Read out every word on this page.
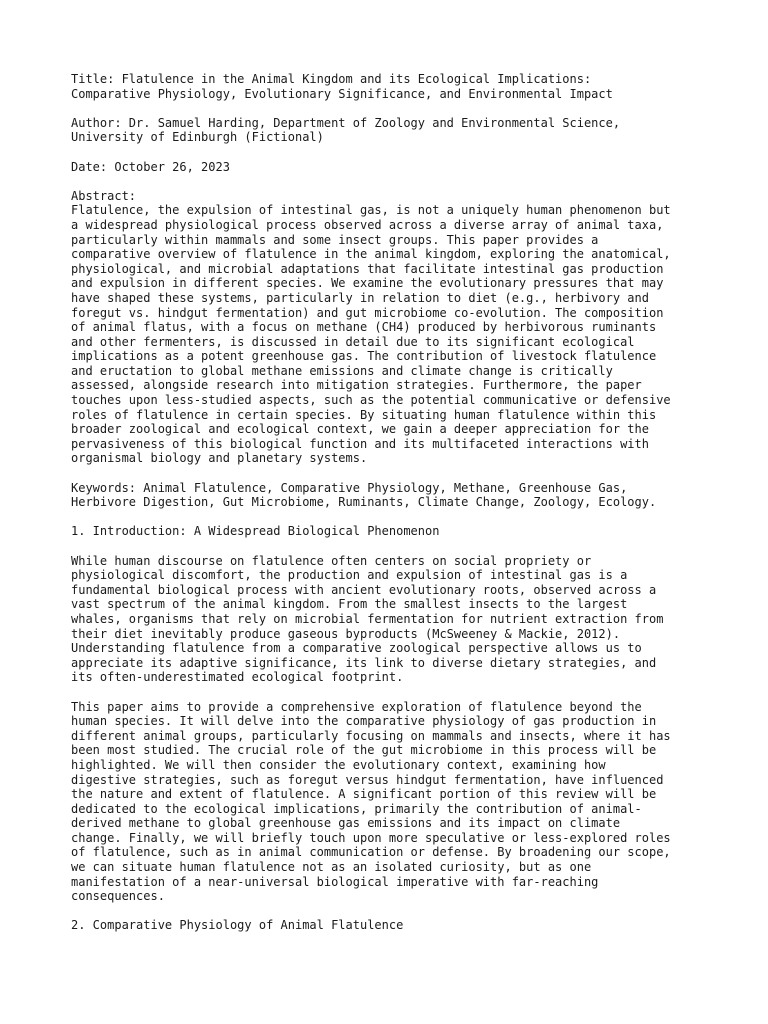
Title: Flatulence in the Animal Kingdom and its Ecological Implications:
Comparative Physiology, Evolutionary Significance, and Environmental Impact
Author: Dr. Samuel Harding, Department of Zoology and Environmental Science,
University of Edinburgh (Fictional)
Date: October 26, 2023
Abstract:
Flatulence, the expulsion of intestinal gas, is not a uniquely human phenomenon but
a widespread physiological process observed across a diverse array of animal taxa,
particularly within mammals and some insect groups. This paper provides a
comparative overview of flatulence in the animal kingdom, exploring the anatomical,
physiological, and microbial adaptations that facilitate intestinal gas production
and expulsion in different species. We examine the evolutionary pressures that may
have shaped these systems, particularly in relation to diet (e.g., herbivory and
foregut vs. hindgut fermentation) and gut microbiome co-evolution. The composition
of animal flatus, with a focus on methane (CH4) produced by herbivorous ruminants
and other fermenters, is discussed in detail due to its significant ecological
implications as a potent greenhouse gas. The contribution of livestock flatulence
and eructation to global methane emissions and climate change is critically
assessed, alongside research into mitigation strategies. Furthermore, the paper
touches upon less-studied aspects, such as the potential communicative or defensive
roles of flatulence in certain species. By situating human flatulence within this
broader zoological and ecological context, we gain a deeper appreciation for the
pervasiveness of this biological function and its multifaceted interactions with
organismal biology and planetary systems.
Keywords: Animal Flatulence, Comparative Physiology, Methane, Greenhouse Gas,
Herbivore Digestion, Gut Microbiome, Ruminants, Climate Change, Zoology, Ecology.
1. Introduction: A Widespread Biological Phenomenon
While human discourse on flatulence often centers on social propriety or
physiological discomfort, the production and expulsion of intestinal gas is a
fundamental biological process with ancient evolutionary roots, observed across a
vast spectrum of the animal kingdom. From the smallest insects to the largest
whales, organisms that rely on microbial fermentation for nutrient extraction from
their diet inevitably produce gaseous byproducts (McSweeney & Mackie, 2012).
Understanding flatulence from a comparative zoological perspective allows us to
appreciate its adaptive significance, its link to diverse dietary strategies, and
its often-underestimated ecological footprint.
This paper aims to provide a comprehensive exploration of flatulence beyond the
human species. It will delve into the comparative physiology of gas production in
different animal groups, particularly focusing on mammals and insects, where it has
been most studied. The crucial role of the gut microbiome in this process will be
highlighted. We will then consider the evolutionary context, examining how
digestive strategies, such as foregut versus hindgut fermentation, have influenced
the nature and extent of flatulence. A significant portion of this review will be
dedicated to the ecological implications, primarily the contribution of animal-
derived methane to global greenhouse gas emissions and its impact on climate
change. Finally, we will briefly touch upon more speculative or less-explored roles
of flatulence, such as in animal communication or defense. By broadening our scope,
we can situate human flatulence not as an isolated curiosity, but as one
manifestation of a near-universal biological imperative with far-reaching
consequences.
2. Comparative Physiology of Animal Flatulence
